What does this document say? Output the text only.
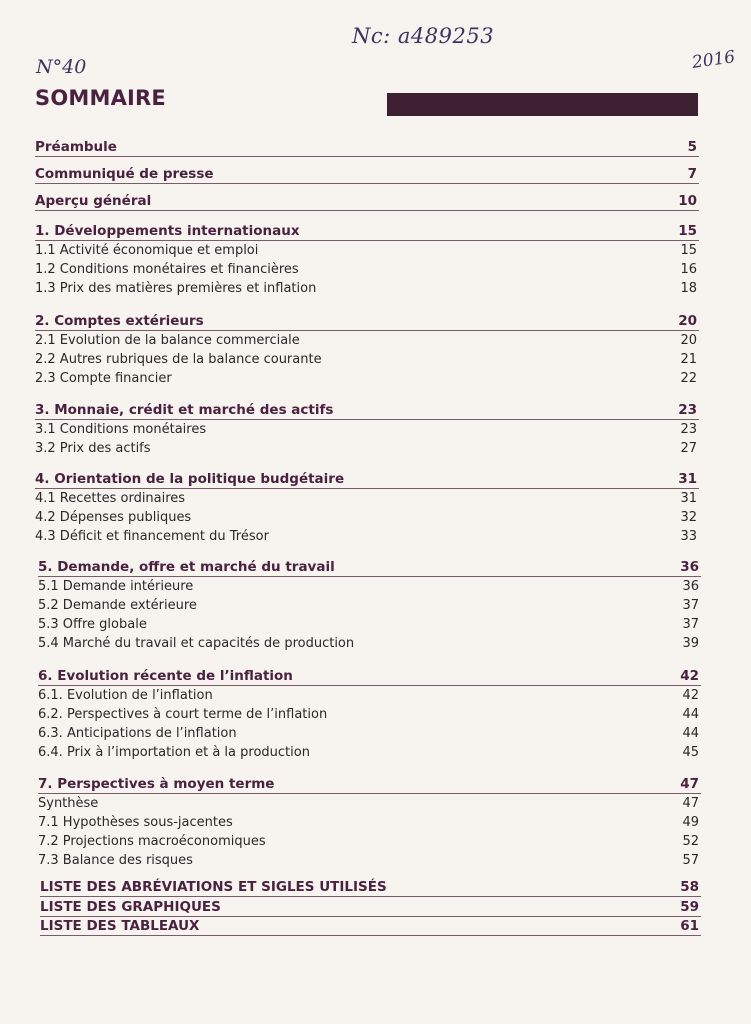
Nc: a489253
N°40	2016
SOMMAIRE
Préambule	5
Communiqué de presse	7
Aperçu général	10
1. Développements internationaux	15
1.1 Activité économique et emploi	15
1.2 Conditions monétaires et financières	16
1.3 Prix des matières premières et inflation	18
2. Comptes extérieurs	20
2.1 Evolution de la balance commerciale	20
2.2 Autres rubriques de la balance courante	21
2.3 Compte financier	22
3. Monnaie, crédit et marché des actifs	23
3.1 Conditions monétaires	23
3.2 Prix des actifs	27
4. Orientation de la politique budgétaire	31
4.1 Recettes ordinaires	31
4.2 Dépenses publiques	32
4.3 Déficit et financement du Trésor	33
5. Demande, offre et marché du travail	36
5.1 Demande intérieure	36
5.2 Demande extérieure	37
5.3 Offre globale	37
5.4 Marché du travail et capacités de production	39
6. Evolution récente de l’inflation	42
6.1. Evolution de l’inflation	42
6.2. Perspectives à court terme de l’inflation	44
6.3. Anticipations de l’inflation	44
6.4. Prix à l’importation et à la production	45
7. Perspectives à moyen terme	47
Synthèse	47
7.1 Hypothèses sous-jacentes	49
7.2 Projections macroéconomiques	52
7.3 Balance des risques	57
LISTE DES ABRÉVIATIONS ET SIGLES UTILISÉS	58
LISTE DES GRAPHIQUES	59
LISTE DES TABLEAUX	61
